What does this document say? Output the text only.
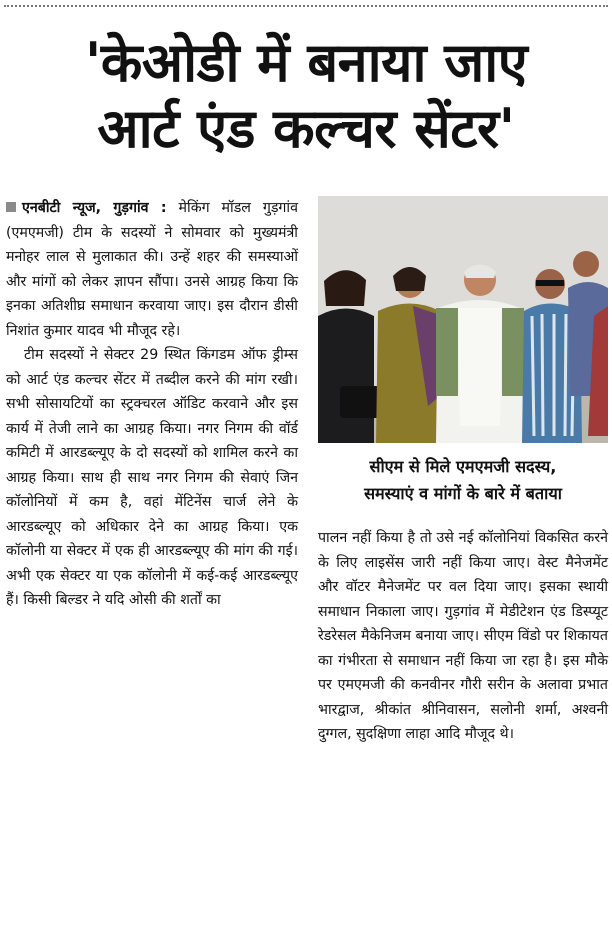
'केओडी में बनाया जाए
आर्ट एंड कल्चर सेंटर'

एनबीटी न्यूज, गुड़गांव : मेकिंग मॉडल गुड़गांव (एमएमजी) टीम के सदस्यों ने सोमवार को मुख्यमंत्री मनोहर लाल से मुलाकात की। उन्हें शहर की समस्याओं और मांगों को लेकर ज्ञापन सौंपा। उनसे आग्रह किया कि इनका अतिशीघ्र समाधान करवाया जाए। इस दौरान डीसी निशांत कुमार यादव भी मौजूद रहे।

टीम सदस्यों ने सेक्टर 29 स्थित किंगडम ऑफ ड्रीम्स को आर्ट एंड कल्चर सेंटर में तब्दील करने की मांग रखी। सभी सोसायटियों का स्ट्रक्चरल ऑडिट करवाने और इस कार्य में तेजी लाने का आग्रह किया। नगर निगम की वॉर्ड कमिटी में आरडब्ल्यूए के दो सदस्यों को शामिल करने का आग्रह किया। साथ ही साथ नगर निगम की सेवाएं जिन कॉलोनियों में कम है, वहां मेंटिनेंस चार्ज लेने के आरडब्ल्यूए को अधिकार देने का आग्रह किया। एक कॉलोनी या सेक्टर में एक ही आरडब्ल्यूए की मांग की गई। अभी एक सेक्टर या एक कॉलोनी में कई-कई आरडब्ल्यूए हैं। किसी बिल्डर ने यदि ओसी की शर्तों का

सीएम से मिले एमएमजी सदस्य,
समस्याएं व मांगों के बारे में बताया

पालन नहीं किया है तो उसे नई कॉलोनियां विकसित करने के लिए लाइसेंस जारी नहीं किया जाए। वेस्ट मैनेजमेंट और वॉटर मैनेजमेंट पर वल दिया जाए। इसका स्थायी समाधान निकाला जाए। गुड़गांव में मेडीटेशन एंड डिस्प्यूट रेडरेसल मैकेनिजम बनाया जाए। सीएम विंडो पर शिकायत का गंभीरता से समाधान नहीं किया जा रहा है। इस मौके पर एमएमजी की कनवीनर गौरी सरीन के अलावा प्रभात भारद्वाज, श्रीकांत श्रीनिवासन, सलोनी शर्मा, अश्वनी दुग्गल, सुदक्षिणा लाहा आदि मौजूद थे।
